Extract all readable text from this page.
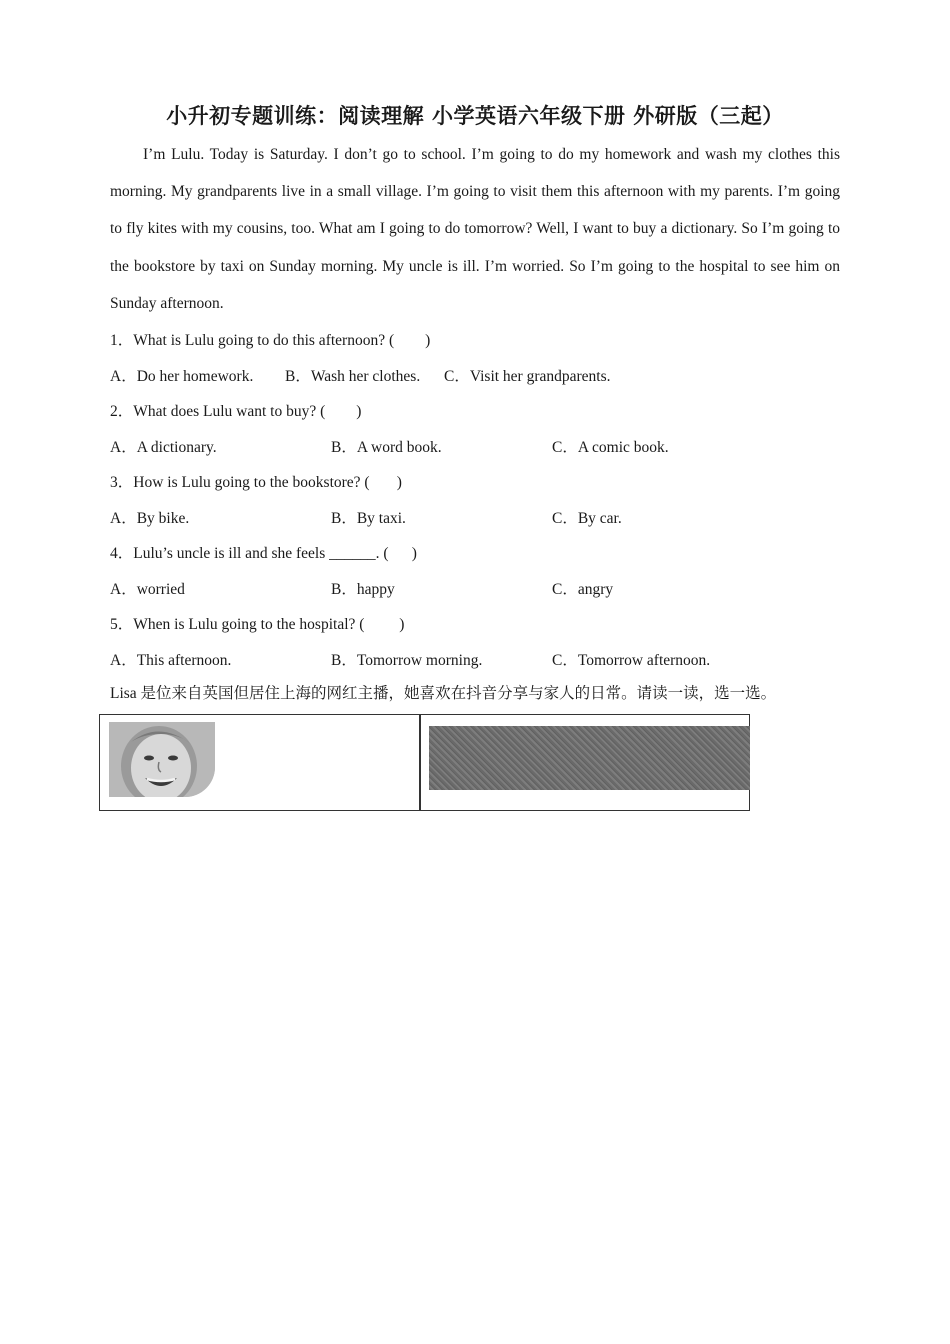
小升初专题训练：阅读理解 小学英语六年级下册 外研版（三起）
I’m Lulu. Today is Saturday. I don’t go to school. I’m going to do my homework and wash my clothes this morning. My grandparents live in a small village. I’m going to visit them this afternoon with my parents. I’m going to fly kites with my cousins, too. What am I going to do tomorrow? Well, I want to buy a dictionary. So I’m going to the bookstore by taxi on Sunday morning. My uncle is ill. I’m worried. So I’m going to the hospital to see him on Sunday afternoon.
1．What is Lulu going to do this afternoon? (        )
A．Do her homework. B．Wash her clothes. C．Visit her grandparents.
2．What does Lulu want to buy? (        )
A．A dictionary.	B．A word book.	C．A comic book.
3．How is Lulu going to the bookstore? (       )
A．By bike.	B．By taxi.	C．By car.
4．Lulu’s uncle is ill and she feels ______. (      )
A．worried	B．happy	C．angry
5．When is Lulu going to the hospital? (         )
A．This afternoon.	B．Tomorrow morning.	C．Tomorrow afternoon.
Lisa 是位来自英国但居住上海的网红主播，她喜欢在抖音分享与家人的日常。请读一读，选一选。
